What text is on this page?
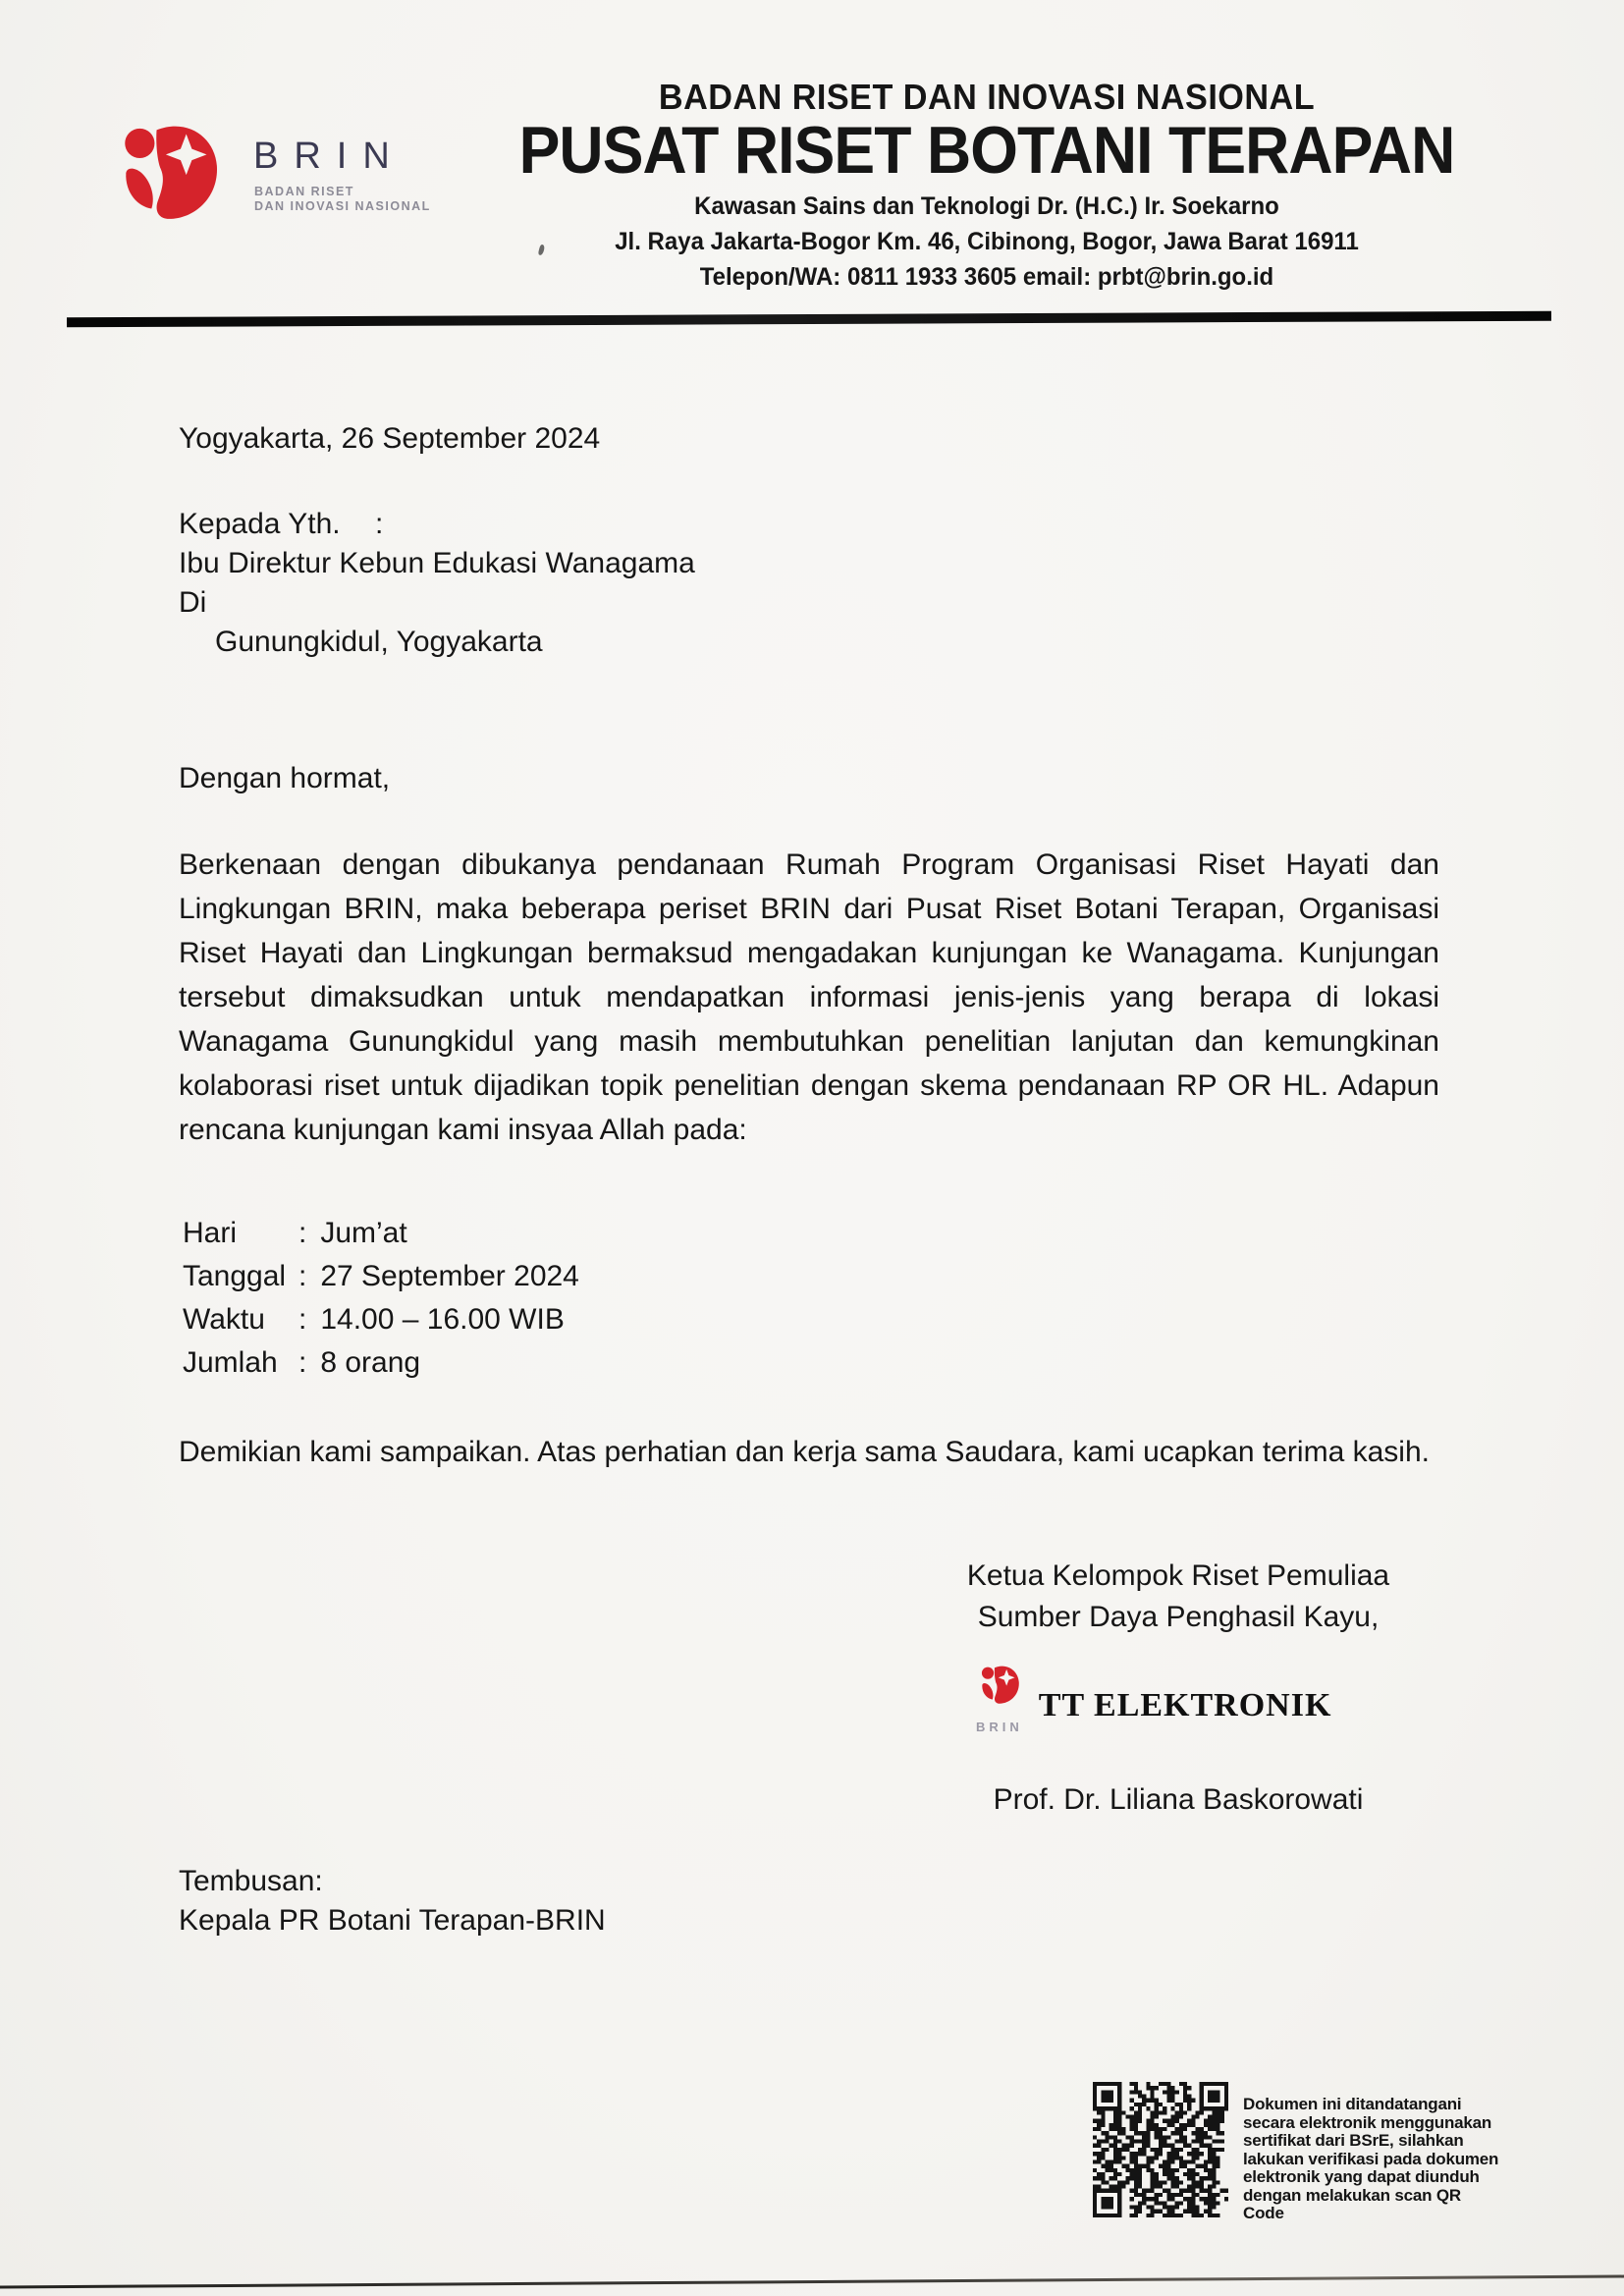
BRIN
BADAN RISET
DAN INOVASI NASIONAL
BADAN RISET DAN INOVASI NASIONAL
PUSAT RISET BOTANI TERAPAN
Kawasan Sains dan Teknologi Dr. (H.C.) Ir. Soekarno
Jl. Raya Jakarta-Bogor Km. 46, Cibinong, Bogor, Jawa Barat 16911
Telepon/WA: 0811 1933 3605 email: prbt@brin.go.id
Yogyakarta, 26 September 2024
Kepada Yth. :
Ibu Direktur Kebun Edukasi Wanagama
Di
Gunungkidul, Yogyakarta
Dengan hormat,
Berkenaan dengan dibukanya pendanaan Rumah Program Organisasi Riset Hayati dan Lingkungan BRIN, maka beberapa periset BRIN dari Pusat Riset Botani Terapan, Organisasi Riset Hayati dan Lingkungan bermaksud mengadakan kunjungan ke Wanagama. Kunjungan tersebut dimaksudkan untuk mendapatkan informasi jenis-jenis yang berapa di lokasi Wanagama Gunungkidul yang masih membutuhkan penelitian lanjutan dan kemungkinan kolaborasi riset untuk dijadikan topik penelitian dengan skema pendanaan RP OR HL. Adapun rencana kunjungan kami insyaa Allah pada:
Hari : Jum’at
Tanggal : 27 September 2024
Waktu : 14.00 – 16.00 WIB
Jumlah : 8 orang
Demikian kami sampaikan. Atas perhatian dan kerja sama Saudara, kami ucapkan terima kasih.
Ketua Kelompok Riset Pemuliaa
Sumber Daya Penghasil Kayu,
BRIN
TT ELEKTRONIK
Prof. Dr. Liliana Baskorowati
Tembusan:
Kepala PR Botani Terapan-BRIN
Dokumen ini ditandatangani secara elektronik menggunakan sertifikat dari BSrE, silahkan lakukan verifikasi pada dokumen elektronik yang dapat diunduh dengan melakukan scan QR Code
